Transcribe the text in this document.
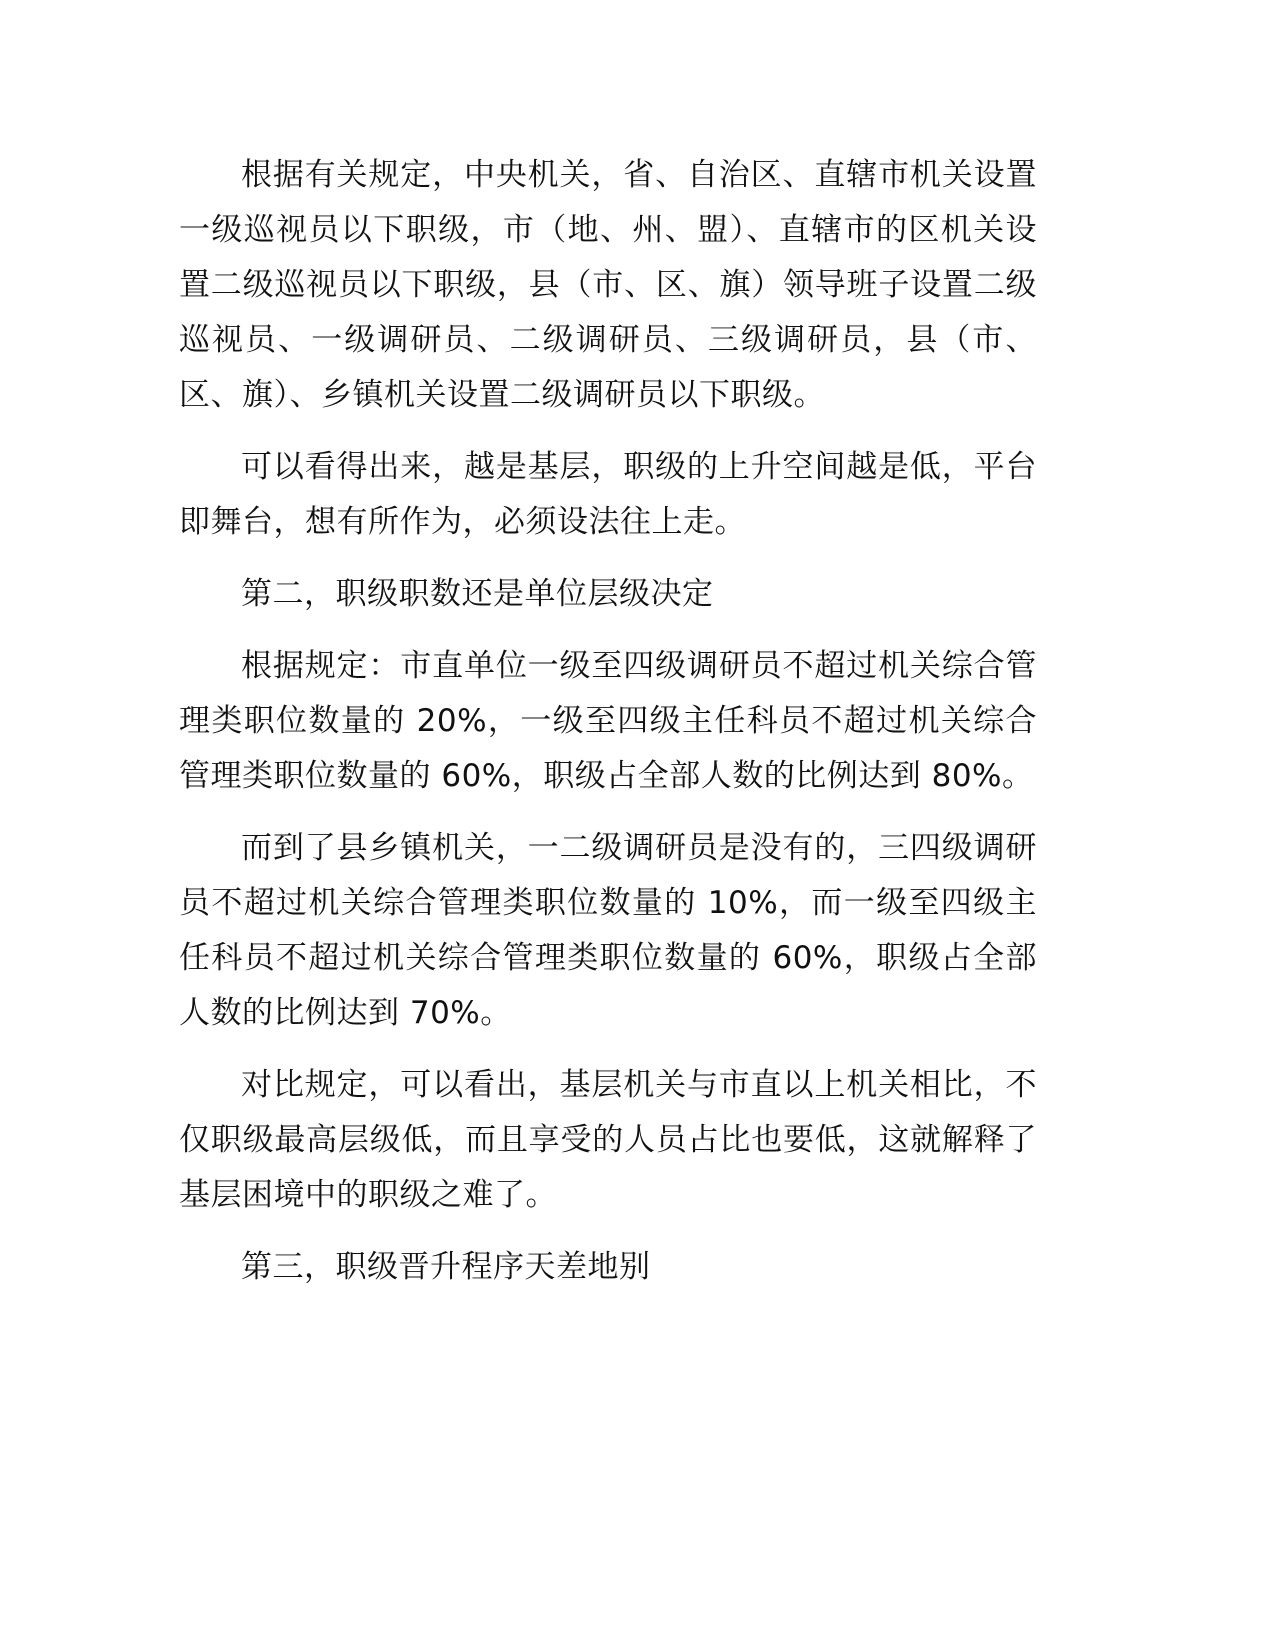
根据有关规定，中央机关，省、自治区、直辖市机关设置一级巡视员以下职级，市（地、州、盟）、直辖市的区机关设置二级巡视员以下职级，县（市、区、旗）领导班子设置二级巡视员、一级调研员、二级调研员、三级调研员，县（市、区、旗）、乡镇机关设置二级调研员以下职级。

可以看得出来，越是基层，职级的上升空间越是低，平台即舞台，想有所作为，必须设法往上走。

第二，职级职数还是单位层级决定

根据规定：市直单位一级至四级调研员不超过机关综合管理类职位数量的 20%，一级至四级主任科员不超过机关综合管理类职位数量的 60%，职级占全部人数的比例达到 80%。

而到了县乡镇机关，一二级调研员是没有的，三四级调研员不超过机关综合管理类职位数量的 10%，而一级至四级主任科员不超过机关综合管理类职位数量的 60%，职级占全部人数的比例达到 70%。

对比规定，可以看出，基层机关与市直以上机关相比，不仅职级最高层级低，而且享受的人员占比也要低，这就解释了基层困境中的职级之难了。

第三，职级晋升程序天差地别
